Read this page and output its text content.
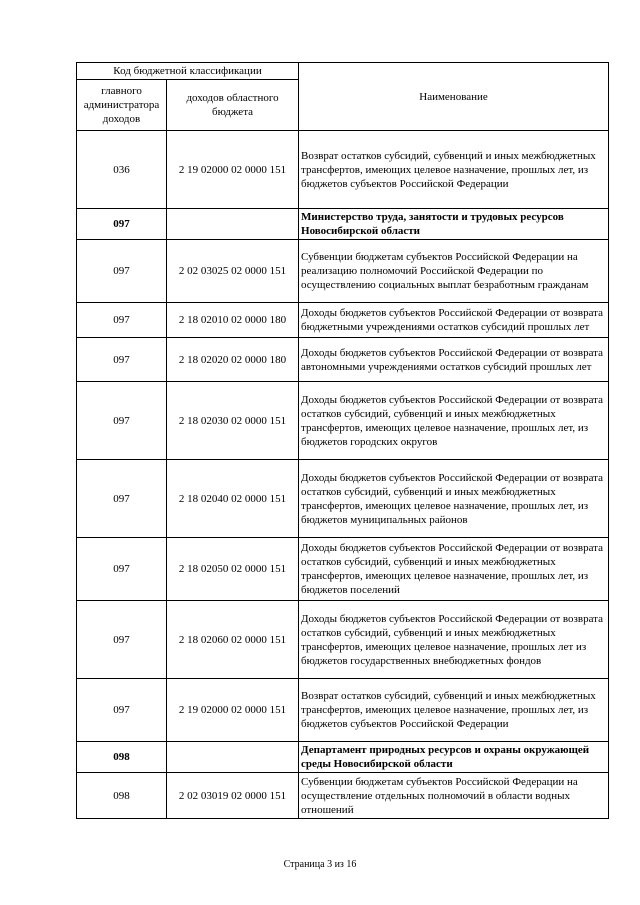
Код бюджетной классификации		Наименование
главного администратора доходов	доходов областного бюджета	
036	2 19 02000 02 0000 151	Возврат остатков субсидий, субвенций и иных межбюджетных трансфертов, имеющих целевое назначение, прошлых лет, из бюджетов субъектов Российской Федерации
097		Министерство труда, занятости и трудовых ресурсов Новосибирской области
097	2 02 03025 02 0000 151	Субвенции бюджетам субъектов Российской Федерации на реализацию полномочий Российской Федерации по осуществлению социальных выплат безработным гражданам
097	2 18 02010 02 0000 180	Доходы бюджетов субъектов Российской Федерации от возврата бюджетными учреждениями остатков субсидий прошлых лет
097	2 18 02020 02 0000 180	Доходы бюджетов субъектов Российской Федерации от возврата автономными учреждениями остатков субсидий прошлых лет
097	2 18 02030 02 0000 151	Доходы бюджетов субъектов Российской Федерации от возврата остатков субсидий, субвенций и иных межбюджетных трансфертов, имеющих целевое назначение, прошлых лет, из бюджетов городских округов
097	2 18 02040 02 0000 151	Доходы бюджетов субъектов Российской Федерации от возврата остатков субсидий, субвенций и иных межбюджетных трансфертов, имеющих целевое назначение, прошлых лет, из бюджетов муниципальных районов
097	2 18 02050 02 0000 151	Доходы бюджетов субъектов Российской Федерации от возврата остатков субсидий, субвенций и иных межбюджетных трансфертов, имеющих целевое назначение, прошлых лет, из бюджетов поселений
097	2 18 02060 02 0000 151	Доходы бюджетов субъектов Российской Федерации от возврата остатков субсидий, субвенций и иных межбюджетных трансфертов, имеющих целевое назначение, прошлых лет из бюджетов государственных внебюджетных фондов
097	2 19 02000 02 0000 151	Возврат остатков субсидий, субвенций и иных межбюджетных трансфертов, имеющих целевое назначение, прошлых лет, из бюджетов субъектов Российской Федерации
098		Департамент природных ресурсов и охраны окружающей среды Новосибирской области
098	2 02 03019 02 0000 151	Субвенции бюджетам субъектов Российской Федерации на осуществление отдельных полномочий в области водных отношений
Страница 3 из 16
